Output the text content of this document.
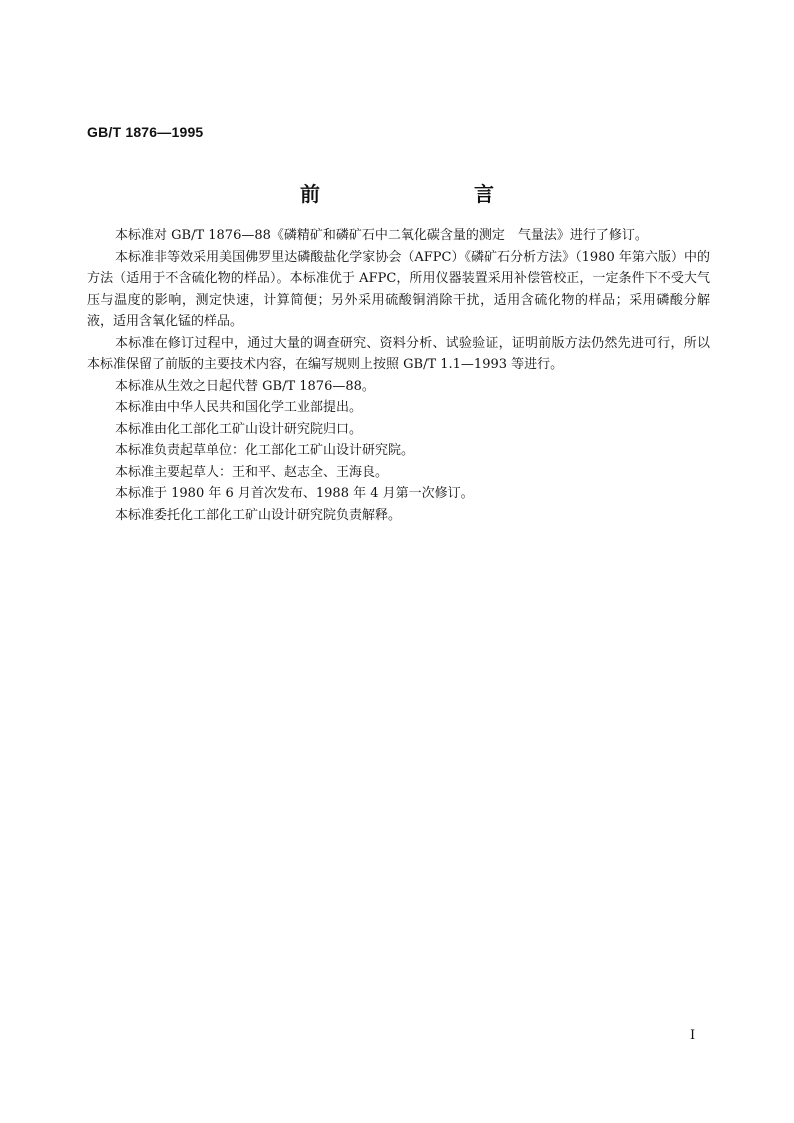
GB/T 1876—1995

前　　言

本标准对 GB/T 1876—88《磷精矿和磷矿石中二氧化碳含量的测定　气量法》进行了修订。

本标准非等效采用美国佛罗里达磷酸盐化学家协会（AFPC）《磷矿石分析方法》（1980 年第六版）中的方法（适用于不含硫化物的样品）。本标准优于 AFPC，所用仪器装置采用补偿管校正，一定条件下不受大气压与温度的影响，测定快速，计算简便；另外采用硫酸铜消除干扰，适用含硫化物的样品；采用磷酸分解液，适用含氧化锰的样品。

本标准在修订过程中，通过大量的调查研究、资料分析、试验验证，证明前版方法仍然先进可行，所以本标准保留了前版的主要技术内容，在编写规则上按照 GB/T 1.1—1993 等进行。

本标准从生效之日起代替 GB/T 1876—88。

本标准由中华人民共和国化学工业部提出。

本标准由化工部化工矿山设计研究院归口。

本标准负责起草单位：化工部化工矿山设计研究院。

本标准主要起草人：王和平、赵志全、王海良。

本标准于 1980 年 6 月首次发布、1988 年 4 月第一次修订。

本标准委托化工部化工矿山设计研究院负责解释。

I
